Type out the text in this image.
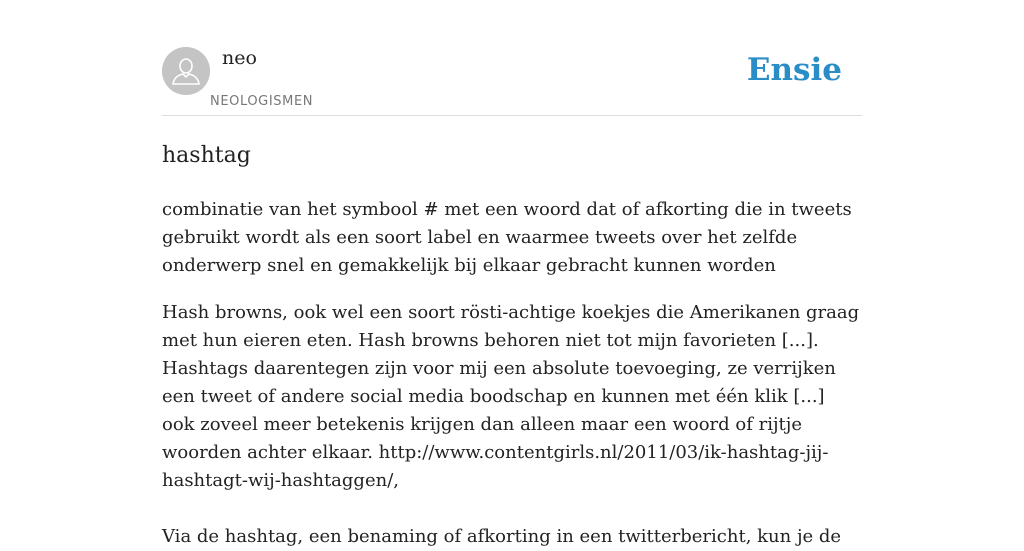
neo
NEOLOGISMEN
Ensie
hashtag

combinatie van het symbool # met een woord dat of afkorting die in tweets gebruikt wordt als een soort label en waarmee tweets over het zelfde onderwerp snel en gemakkelijk bij elkaar gebracht kunnen worden

Hash browns, ook wel een soort rösti-achtige koekjes die Amerikanen graag met hun eieren eten. Hash browns behoren niet tot mijn favorieten [...]. Hashtags daarentegen zijn voor mij een absolute toevoeging, ze verrijken een tweet of andere social media boodschap en kunnen met één klik [...] ook zoveel meer betekenis krijgen dan alleen maar een woord of rijtje woorden achter elkaar. http://www.contentgirls.nl/2011/03/ik-hashtag-jij-hashtagt-wij-hashtaggen/,

Via de hashtag, een benaming of afkorting in een twitterbericht, kun je de
